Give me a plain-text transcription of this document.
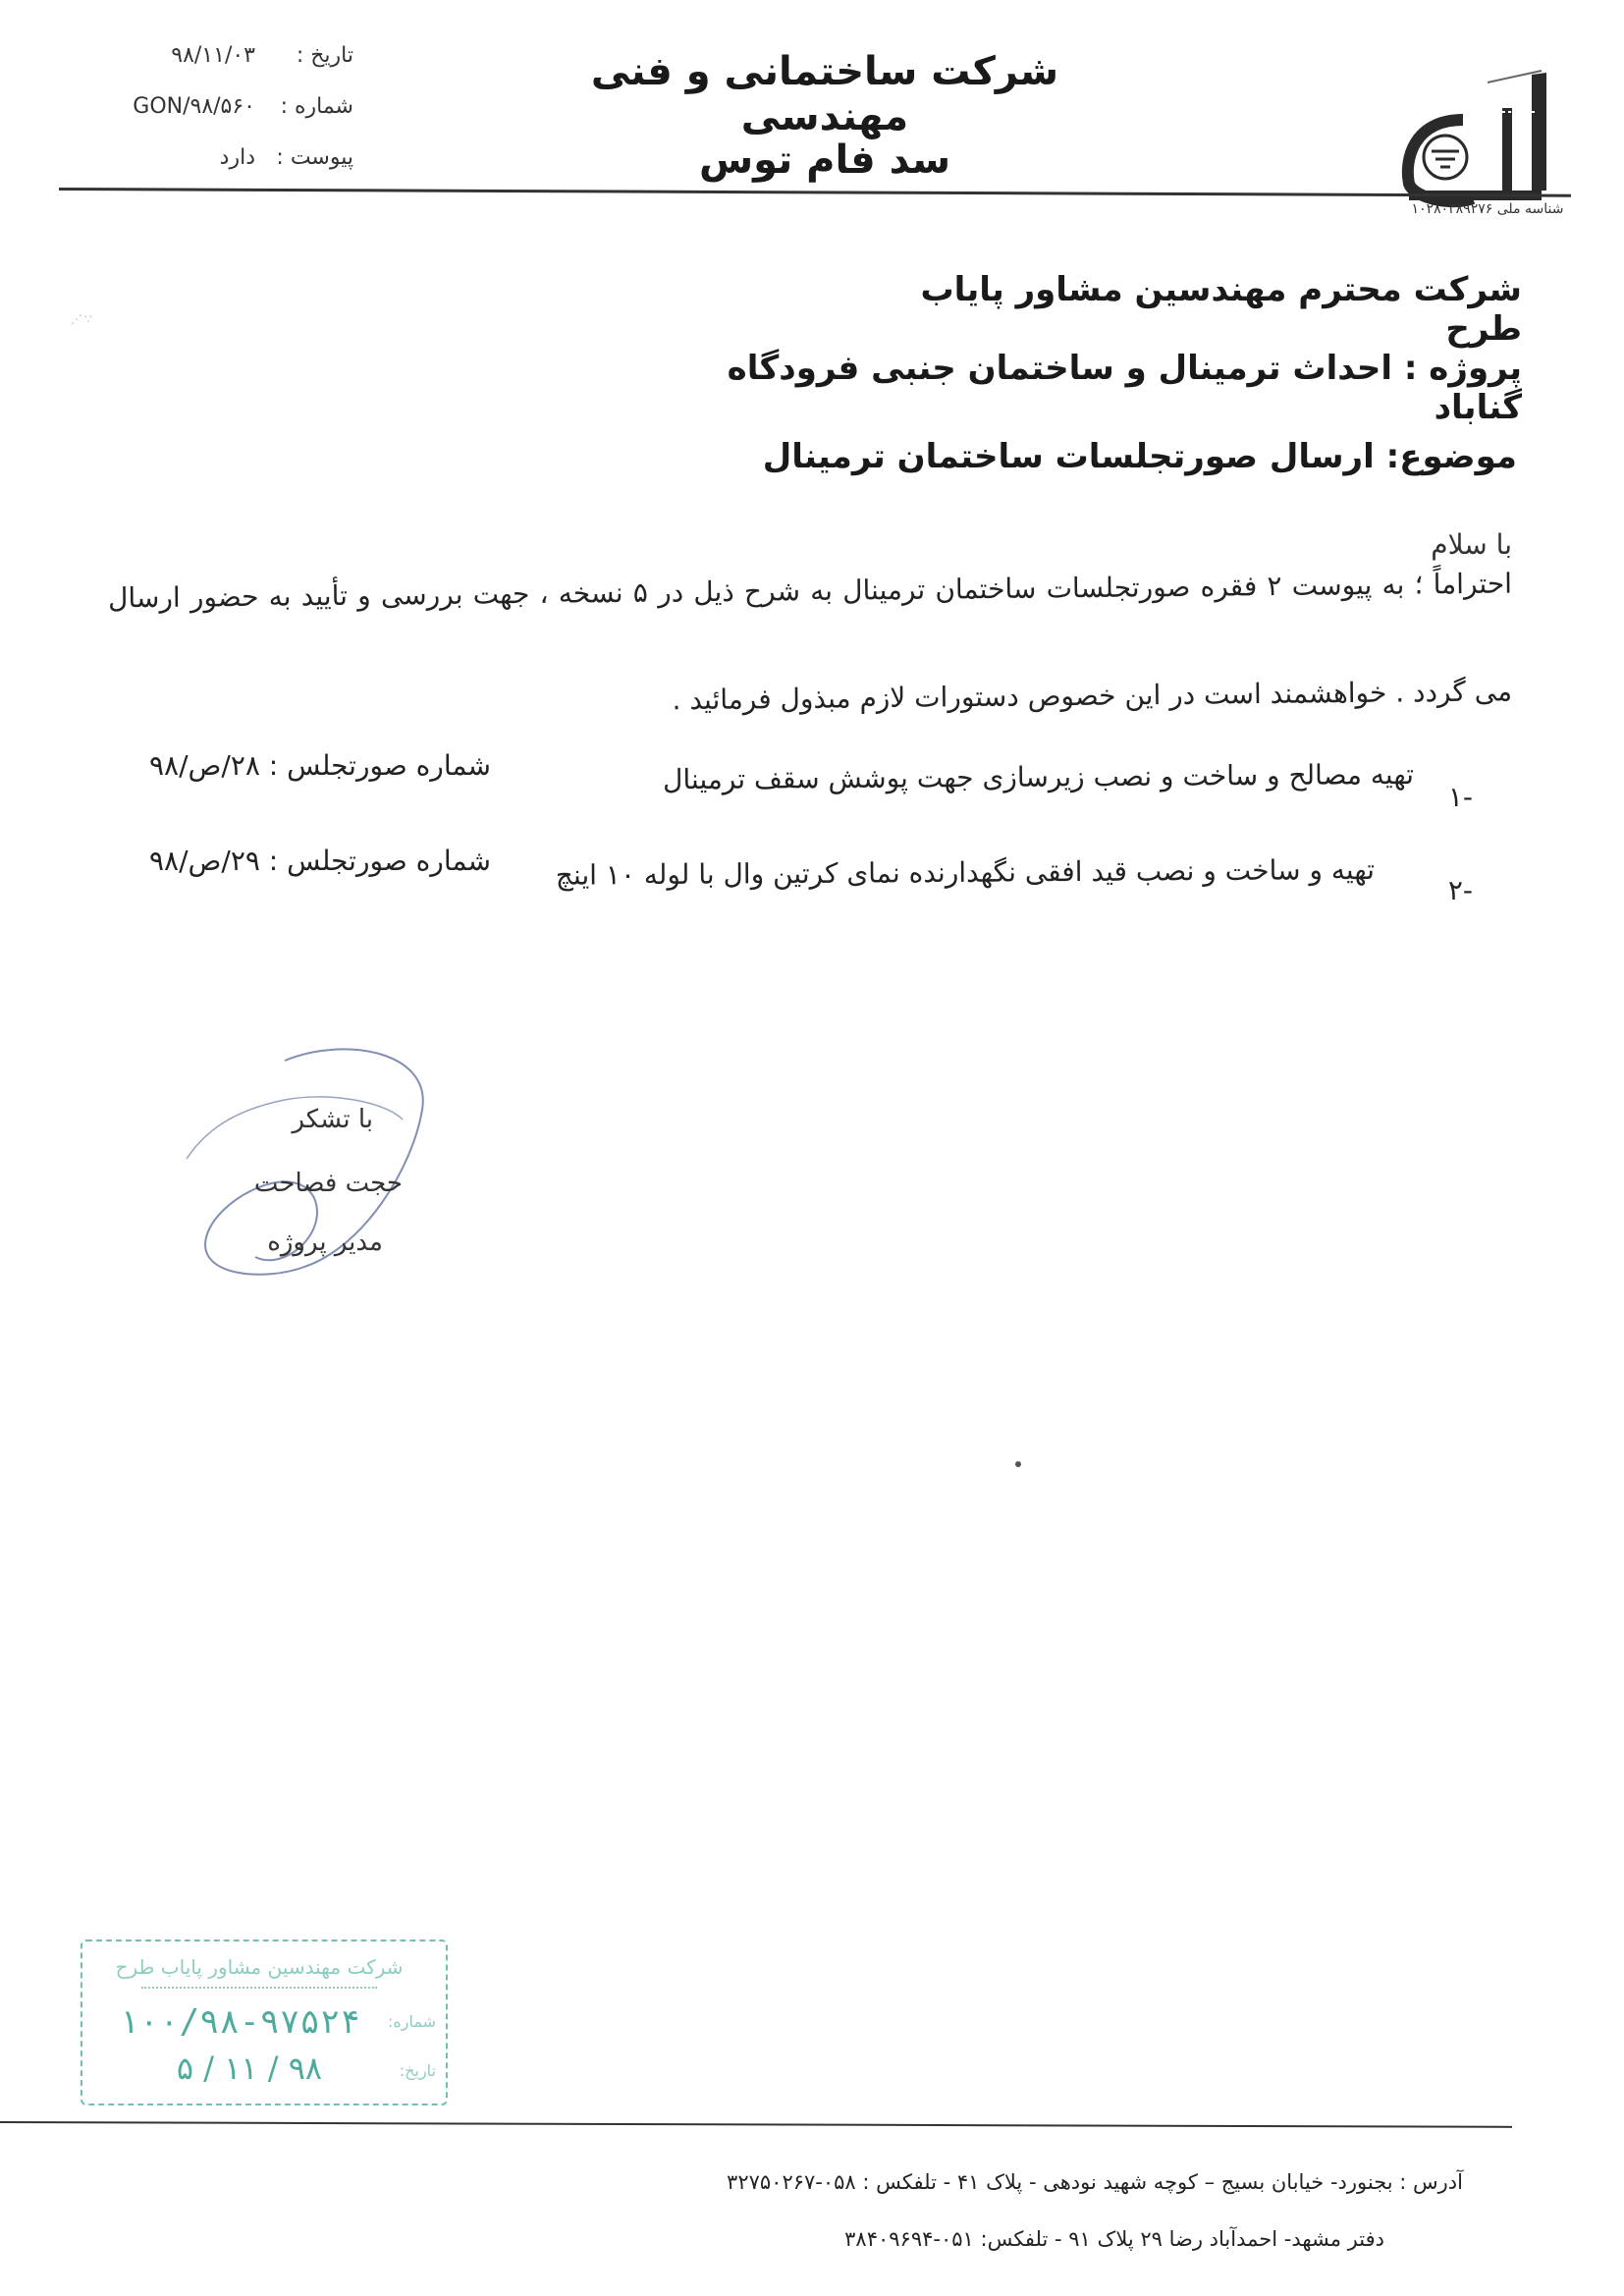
شرکت ساختمانی و فنی مهندسی
سد فام توس
تاریخ :
۹۸/۱۱/۰۳
شماره :
GON/۹۸/۵۶۰
پیوست :
دارد
شناسه ملی ۱۰۲۸۰۳۸۹۲۷۶
⋰∵
شرکت محترم مهندسین مشاور پایاب طرح
پروژه : احداث ترمینال و ساختمان جنبی فرودگاه گناباد
موضوع: ارسال صورتجلسات ساختمان ترمینال
با سلام
احتراماً ؛ به پیوست ۲ فقره صورتجلسات ساختمان ترمینال به شرح ذیل در ۵ نسخه ، جهت بررسی و تأیید به حضور ارسال
می گردد . خواهشمند است در این خصوص دستورات لازم مبذول فرمائید .
-۱
تهیه مصالح و ساخت و نصب زیرسازی جهت پوشش سقف ترمینال
شماره صورتجلس : ۲۸/ص/۹۸
-۲
تهیه و ساخت و نصب قید افقی نگهدارنده نمای کرتین وال با لوله ۱۰ اینچ
شماره صورتجلس : ۲۹/ص/۹۸
با تشکر
حجت فصاحت
مدیر پروژه
شرکت مهندسین مشاور پایاب طرح
شماره:
۱۰۰/۹۸-۹۷۵۲۴
تاریخ:
۹۸ / ۱۱ / ۵
آدرس : بجنورد- خیابان بسیج – کوچه شهید نودهی - پلاک ۴۱ - تلفکس : ۰۵۸-۳۲۷۵۰۲۶۷
دفتر مشهد- احمدآباد رضا ۲۹ پلاک ۹۱ - تلفکس: ۰۵۱-۳۸۴۰۹۶۹۴
